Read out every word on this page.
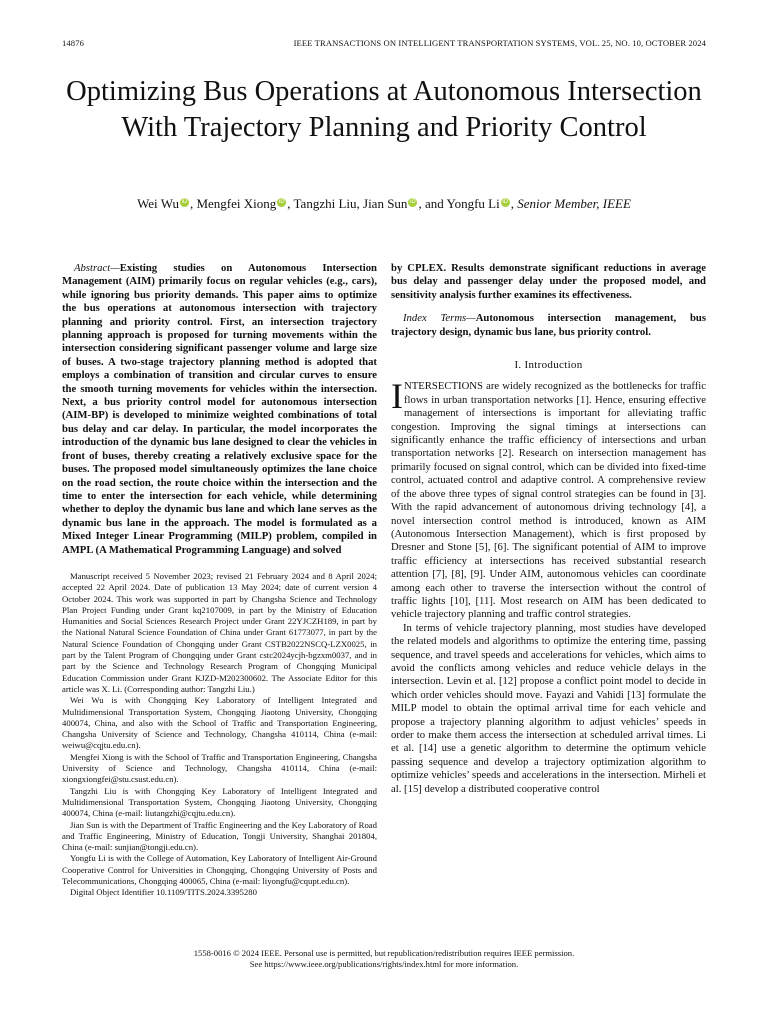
14876	IEEE TRANSACTIONS ON INTELLIGENT TRANSPORTATION SYSTEMS, VOL. 25, NO. 10, OCTOBER 2024
Optimizing Bus Operations at Autonomous Intersection With Trajectory Planning and Priority Control
Wei Wu iD , Mengfei Xiong iD , Tangzhi Liu, Jian Sun iD , and Yongfu Li iD , Senior Member, IEEE

Abstract—Existing studies on Autonomous Intersection Management (AIM) primarily focus on regular vehicles (e.g., cars), while ignoring bus priority demands. This paper aims to optimize the bus operations at autonomous intersection with trajectory planning and priority control. First, an intersection trajectory planning approach is proposed for turning movements within the intersection considering significant passenger volume and large size of buses. A two-stage trajectory planning method is adopted that employs a combination of transition and circular curves to ensure the smooth turning movements for vehicles within the intersection. Next, a bus priority control model for autonomous intersection (AIM-BP) is developed to minimize weighted combinations of total bus delay and car delay. In particular, the model incorporates the introduction of the dynamic bus lane designed to clear the vehicles in front of buses, thereby creating a relatively exclusive space for the buses. The proposed model simultaneously optimizes the lane choice on the road section, the route choice within the intersection and the time to enter the intersection for each vehicle, while determining whether to deploy the dynamic bus lane and which lane serves as the dynamic bus lane in the approach. The model is formulated as a Mixed Integer Linear Programming (MILP) problem, compiled in AMPL (A Mathematical Programming Language) and solved

Manuscript received 5 November 2023; revised 21 February 2024 and 8 April 2024; accepted 22 April 2024. Date of publication 13 May 2024; date of current version 4 October 2024. This work was supported in part by Changsha Science and Technology Plan Project Funding under Grant kq2107009, in part by the Ministry of Education Humanities and Social Sciences Research Project under Grant 22YJCZH189, in part by the National Natural Science Foundation of China under Grant 61773077, in part by the Natural Science Foundation of Chongqing under Grant CSTB2022NSCQ-LZX0025, in part by the Talent Program of Chongqing under Grant cstc2024ycjh-bgzxm0037, and in part by the Science and Technology Research Program of Chongqing Municipal Education Commission under Grant KJZD-M202300602. The Associate Editor for this article was X. Li. (Corresponding author: Tangzhi Liu.)

Wei Wu is with Chongqing Key Laboratory of Intelligent Integrated and Multidimensional Transportation System, Chongqing Jiaotong University, Chongqing 400074, China, and also with the School of Traffic and Transportation Engineering, Changsha University of Science and Technology, Changsha 410114, China (e-mail: weiwu@cqjtu.edu.cn).

Mengfei Xiong is with the School of Traffic and Transportation Engineering, Changsha University of Science and Technology, Changsha 410114, China (e-mail: xiongxiongfei@stu.csust.edu.cn).

Tangzhi Liu is with Chongqing Key Laboratory of Intelligent Integrated and Multidimensional Transportation System, Chongqing Jiaotong University, Chongqing 400074, China (e-mail: liutangzhi@cqjtu.edu.cn).

Jian Sun is with the Department of Traffic Engineering and the Key Laboratory of Road and Traffic Engineering, Ministry of Education, Tongji University, Shanghai 201804, China (e-mail: sunjian@tongji.edu.cn).

Yongfu Li is with the College of Automation, Key Laboratory of Intelligent Air-Ground Cooperative Control for Universities in Chongqing, Chongqing University of Posts and Telecommunications, Chongqing 400065, China (e-mail: liyongfu@cqupt.edu.cn).

Digital Object Identifier 10.1109/TITS.2024.3395280

by CPLEX. Results demonstrate significant reductions in average bus delay and passenger delay under the proposed model, and sensitivity analysis further examines its effectiveness.

Index Terms—Autonomous intersection management, bus trajectory design, dynamic bus lane, bus priority control.

I. Introduction

INTERSECTIONS are widely recognized as the bottlenecks for traffic flows in urban transportation networks [1]. Hence, ensuring effective management of intersections is important for alleviating traffic congestion. Improving the signal timings at intersections can significantly enhance the traffic efficiency of intersections and urban transportation networks [2]. Research on intersection management has primarily focused on signal control, which can be divided into fixed-time control, actuated control and adaptive control. A comprehensive review of the above three types of signal control strategies can be found in [3]. With the rapid advancement of autonomous driving technology [4], a novel intersection control method is introduced, known as AIM (Autonomous Intersection Management), which is first proposed by Dresner and Stone [5], [6]. The significant potential of AIM to improve traffic efficiency at intersections has received substantial research attention [7], [8], [9]. Under AIM, autonomous vehicles can coordinate among each other to traverse the intersection without the control of traffic lights [10], [11]. Most research on AIM has been dedicated to vehicle trajectory planning and traffic control strategies.

In terms of vehicle trajectory planning, most studies have developed the related models and algorithms to optimize the entering time, passing sequence, and travel speeds and accelerations for vehicles, which aims to avoid the conflicts among vehicles and reduce vehicle delays in the intersection. Levin et al. [12] propose a conflict point model to decide in which order vehicles should move. Fayazi and Vahidi [13] formulate the MILP model to obtain the optimal arrival time for each vehicle and propose a trajectory planning algorithm to adjust vehicles’ speeds in order to make them access the intersection at scheduled arrival times. Li et al. [14] use a genetic algorithm to determine the optimum vehicle passing sequence and develop a trajectory optimization algorithm to optimize vehicles’ speeds and accelerations in the intersection. Mirheli et al. [15] develop a distributed cooperative control

1558-0016 © 2024 IEEE. Personal use is permitted, but republication/redistribution requires IEEE permission.
See https://www.ieee.org/publications/rights/index.html for more information.
